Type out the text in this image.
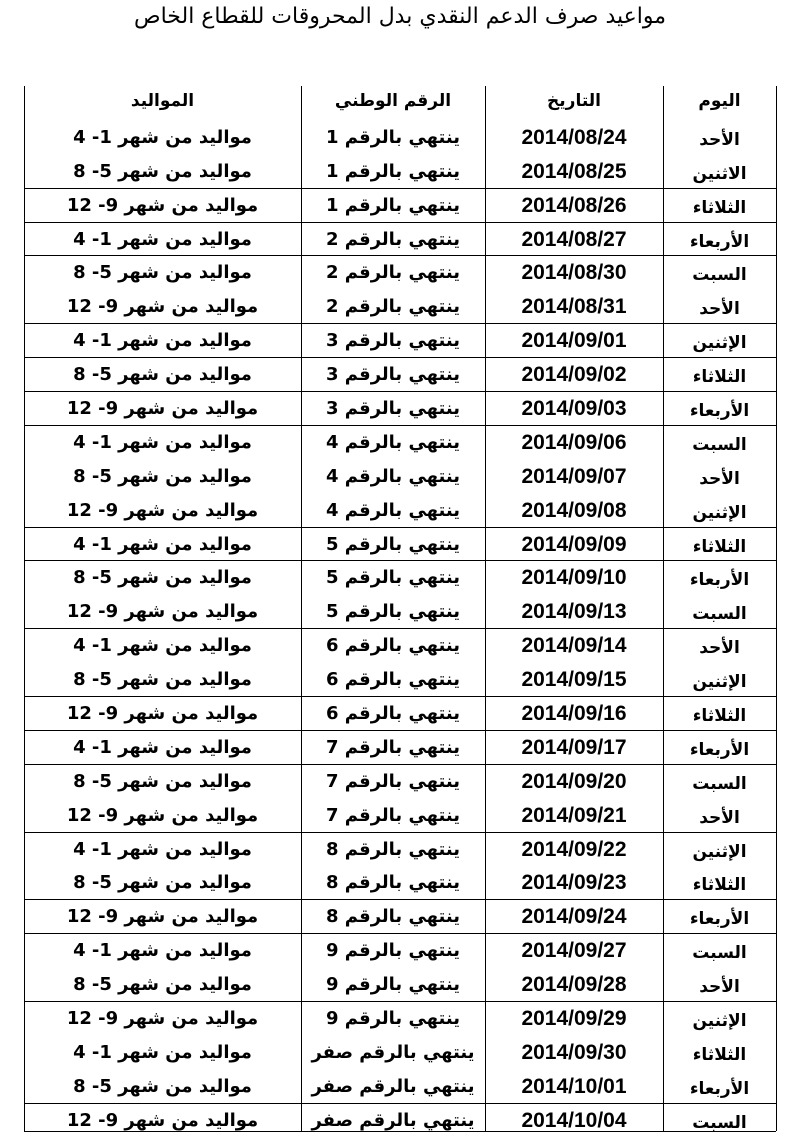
مواعيد صرف الدعم النقدي بدل المحروقات للقطاع الخاص
اليوم
التاريخ
الرقم الوطني
المواليد
الأحد
2014/08/24
ينتهي بالرقم 1
مواليد من شهر 1- 4
الاثنين
2014/08/25
ينتهي بالرقم 1
مواليد من شهر 5- 8
الثلاثاء
2014/08/26
ينتهي بالرقم 1
مواليد من شهر 9- 12
الأربعاء
2014/08/27
ينتهي بالرقم 2
مواليد من شهر 1- 4
السبت
2014/08/30
ينتهي بالرقم 2
مواليد من شهر 5- 8
الأحد
2014/08/31
ينتهي بالرقم 2
مواليد من شهر 9- 12
الإثنين
2014/09/01
ينتهي بالرقم 3
مواليد من شهر 1- 4
الثلاثاء
2014/09/02
ينتهي بالرقم 3
مواليد من شهر 5- 8
الأربعاء
2014/09/03
ينتهي بالرقم 3
مواليد من شهر 9- 12
السبت
2014/09/06
ينتهي بالرقم 4
مواليد من شهر 1- 4
الأحد
2014/09/07
ينتهي بالرقم 4
مواليد من شهر 5- 8
الإثنين
2014/09/08
ينتهي بالرقم 4
مواليد من شهر 9- 12
الثلاثاء
2014/09/09
ينتهي بالرقم 5
مواليد من شهر 1- 4
الأربعاء
2014/09/10
ينتهي بالرقم 5
مواليد من شهر 5- 8
السبت
2014/09/13
ينتهي بالرقم 5
مواليد من شهر 9- 12
الأحد
2014/09/14
ينتهي بالرقم 6
مواليد من شهر 1- 4
الإثنين
2014/09/15
ينتهي بالرقم 6
مواليد من شهر 5- 8
الثلاثاء
2014/09/16
ينتهي بالرقم 6
مواليد من شهر 9- 12
الأربعاء
2014/09/17
ينتهي بالرقم 7
مواليد من شهر 1- 4
السبت
2014/09/20
ينتهي بالرقم 7
مواليد من شهر 5- 8
الأحد
2014/09/21
ينتهي بالرقم 7
مواليد من شهر 9- 12
الإثنين
2014/09/22
ينتهي بالرقم 8
مواليد من شهر 1- 4
الثلاثاء
2014/09/23
ينتهي بالرقم 8
مواليد من شهر 5- 8
الأربعاء
2014/09/24
ينتهي بالرقم 8
مواليد من شهر 9- 12
السبت
2014/09/27
ينتهي بالرقم 9
مواليد من شهر 1- 4
الأحد
2014/09/28
ينتهي بالرقم 9
مواليد من شهر 5- 8
الإثنين
2014/09/29
ينتهي بالرقم 9
مواليد من شهر 9- 12
الثلاثاء
2014/09/30
ينتهي بالرقم صفر
مواليد من شهر 1- 4
الأربعاء
2014/10/01
ينتهي بالرقم صفر
مواليد من شهر 5- 8
السبت
2014/10/04
ينتهي بالرقم صفر
مواليد من شهر 9- 12
